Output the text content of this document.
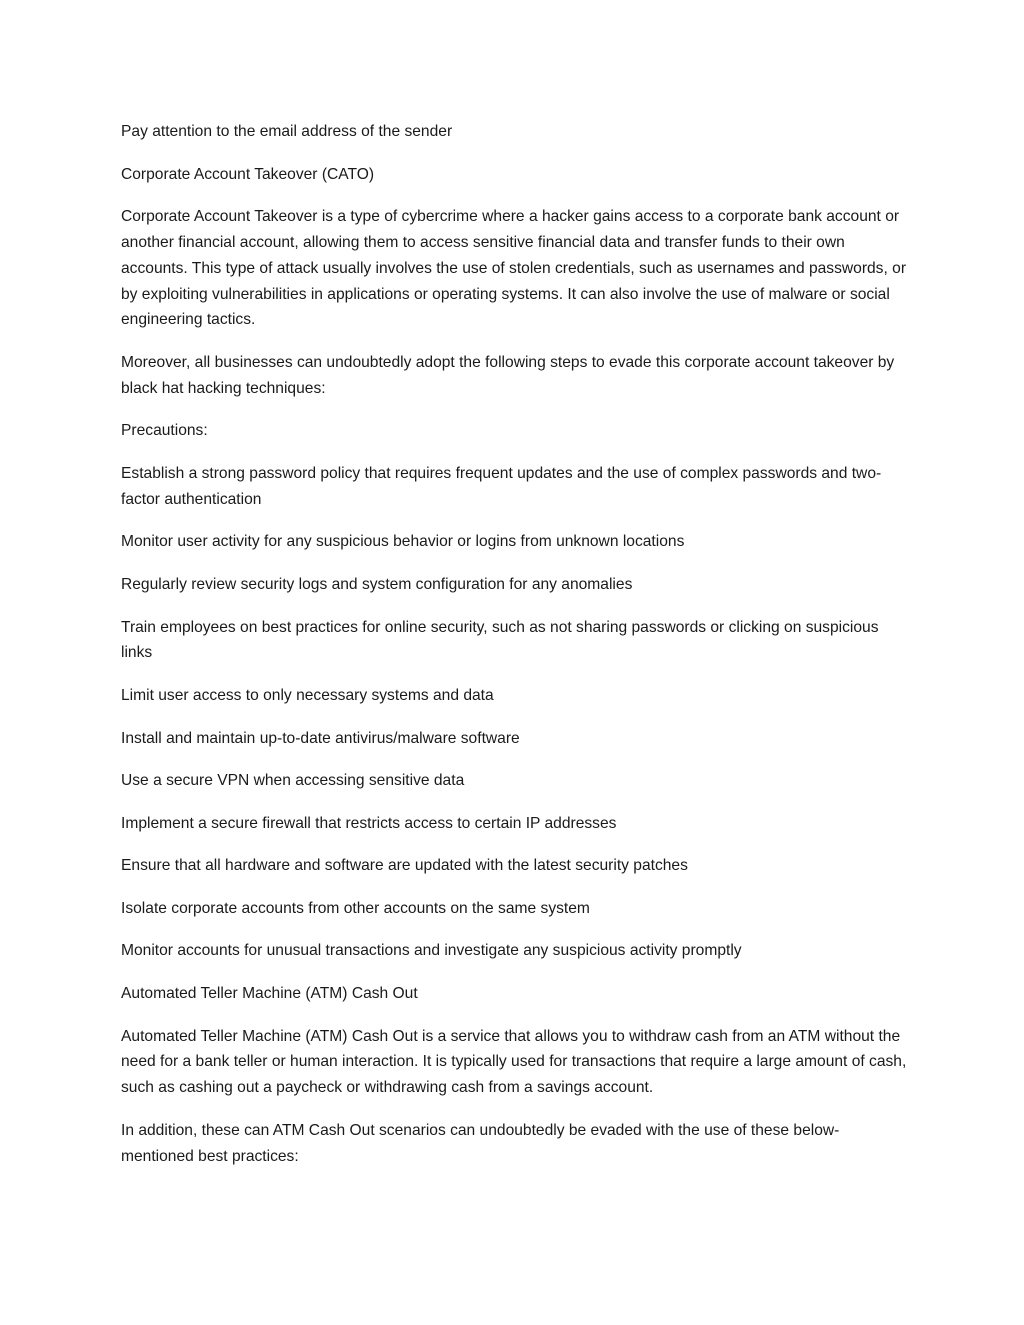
Pay attention to the email address of the sender

Corporate Account Takeover (CATO)

Corporate Account Takeover is a type of cybercrime where a hacker gains access to a corporate bank account or another financial account, allowing them to access sensitive financial data and transfer funds to their own accounts. This type of attack usually involves the use of stolen credentials, such as usernames and passwords, or by exploiting vulnerabilities in applications or operating systems. It can also involve the use of malware or social engineering tactics.

Moreover, all businesses can undoubtedly adopt the following steps to evade this corporate account takeover by black hat hacking techniques:

Precautions:

Establish a strong password policy that requires frequent updates and the use of complex passwords and two-factor authentication

Monitor user activity for any suspicious behavior or logins from unknown locations

Regularly review security logs and system configuration for any anomalies

Train employees on best practices for online security, such as not sharing passwords or clicking on suspicious links

Limit user access to only necessary systems and data

Install and maintain up-to-date antivirus/malware software

Use a secure VPN when accessing sensitive data

Implement a secure firewall that restricts access to certain IP addresses

Ensure that all hardware and software are updated with the latest security patches

Isolate corporate accounts from other accounts on the same system

Monitor accounts for unusual transactions and investigate any suspicious activity promptly

Automated Teller Machine (ATM) Cash Out

Automated Teller Machine (ATM) Cash Out is a service that allows you to withdraw cash from an ATM without the need for a bank teller or human interaction. It is typically used for transactions that require a large amount of cash, such as cashing out a paycheck or withdrawing cash from a savings account.

In addition, these can ATM Cash Out scenarios can undoubtedly be evaded with the use of these below-mentioned best practices:
